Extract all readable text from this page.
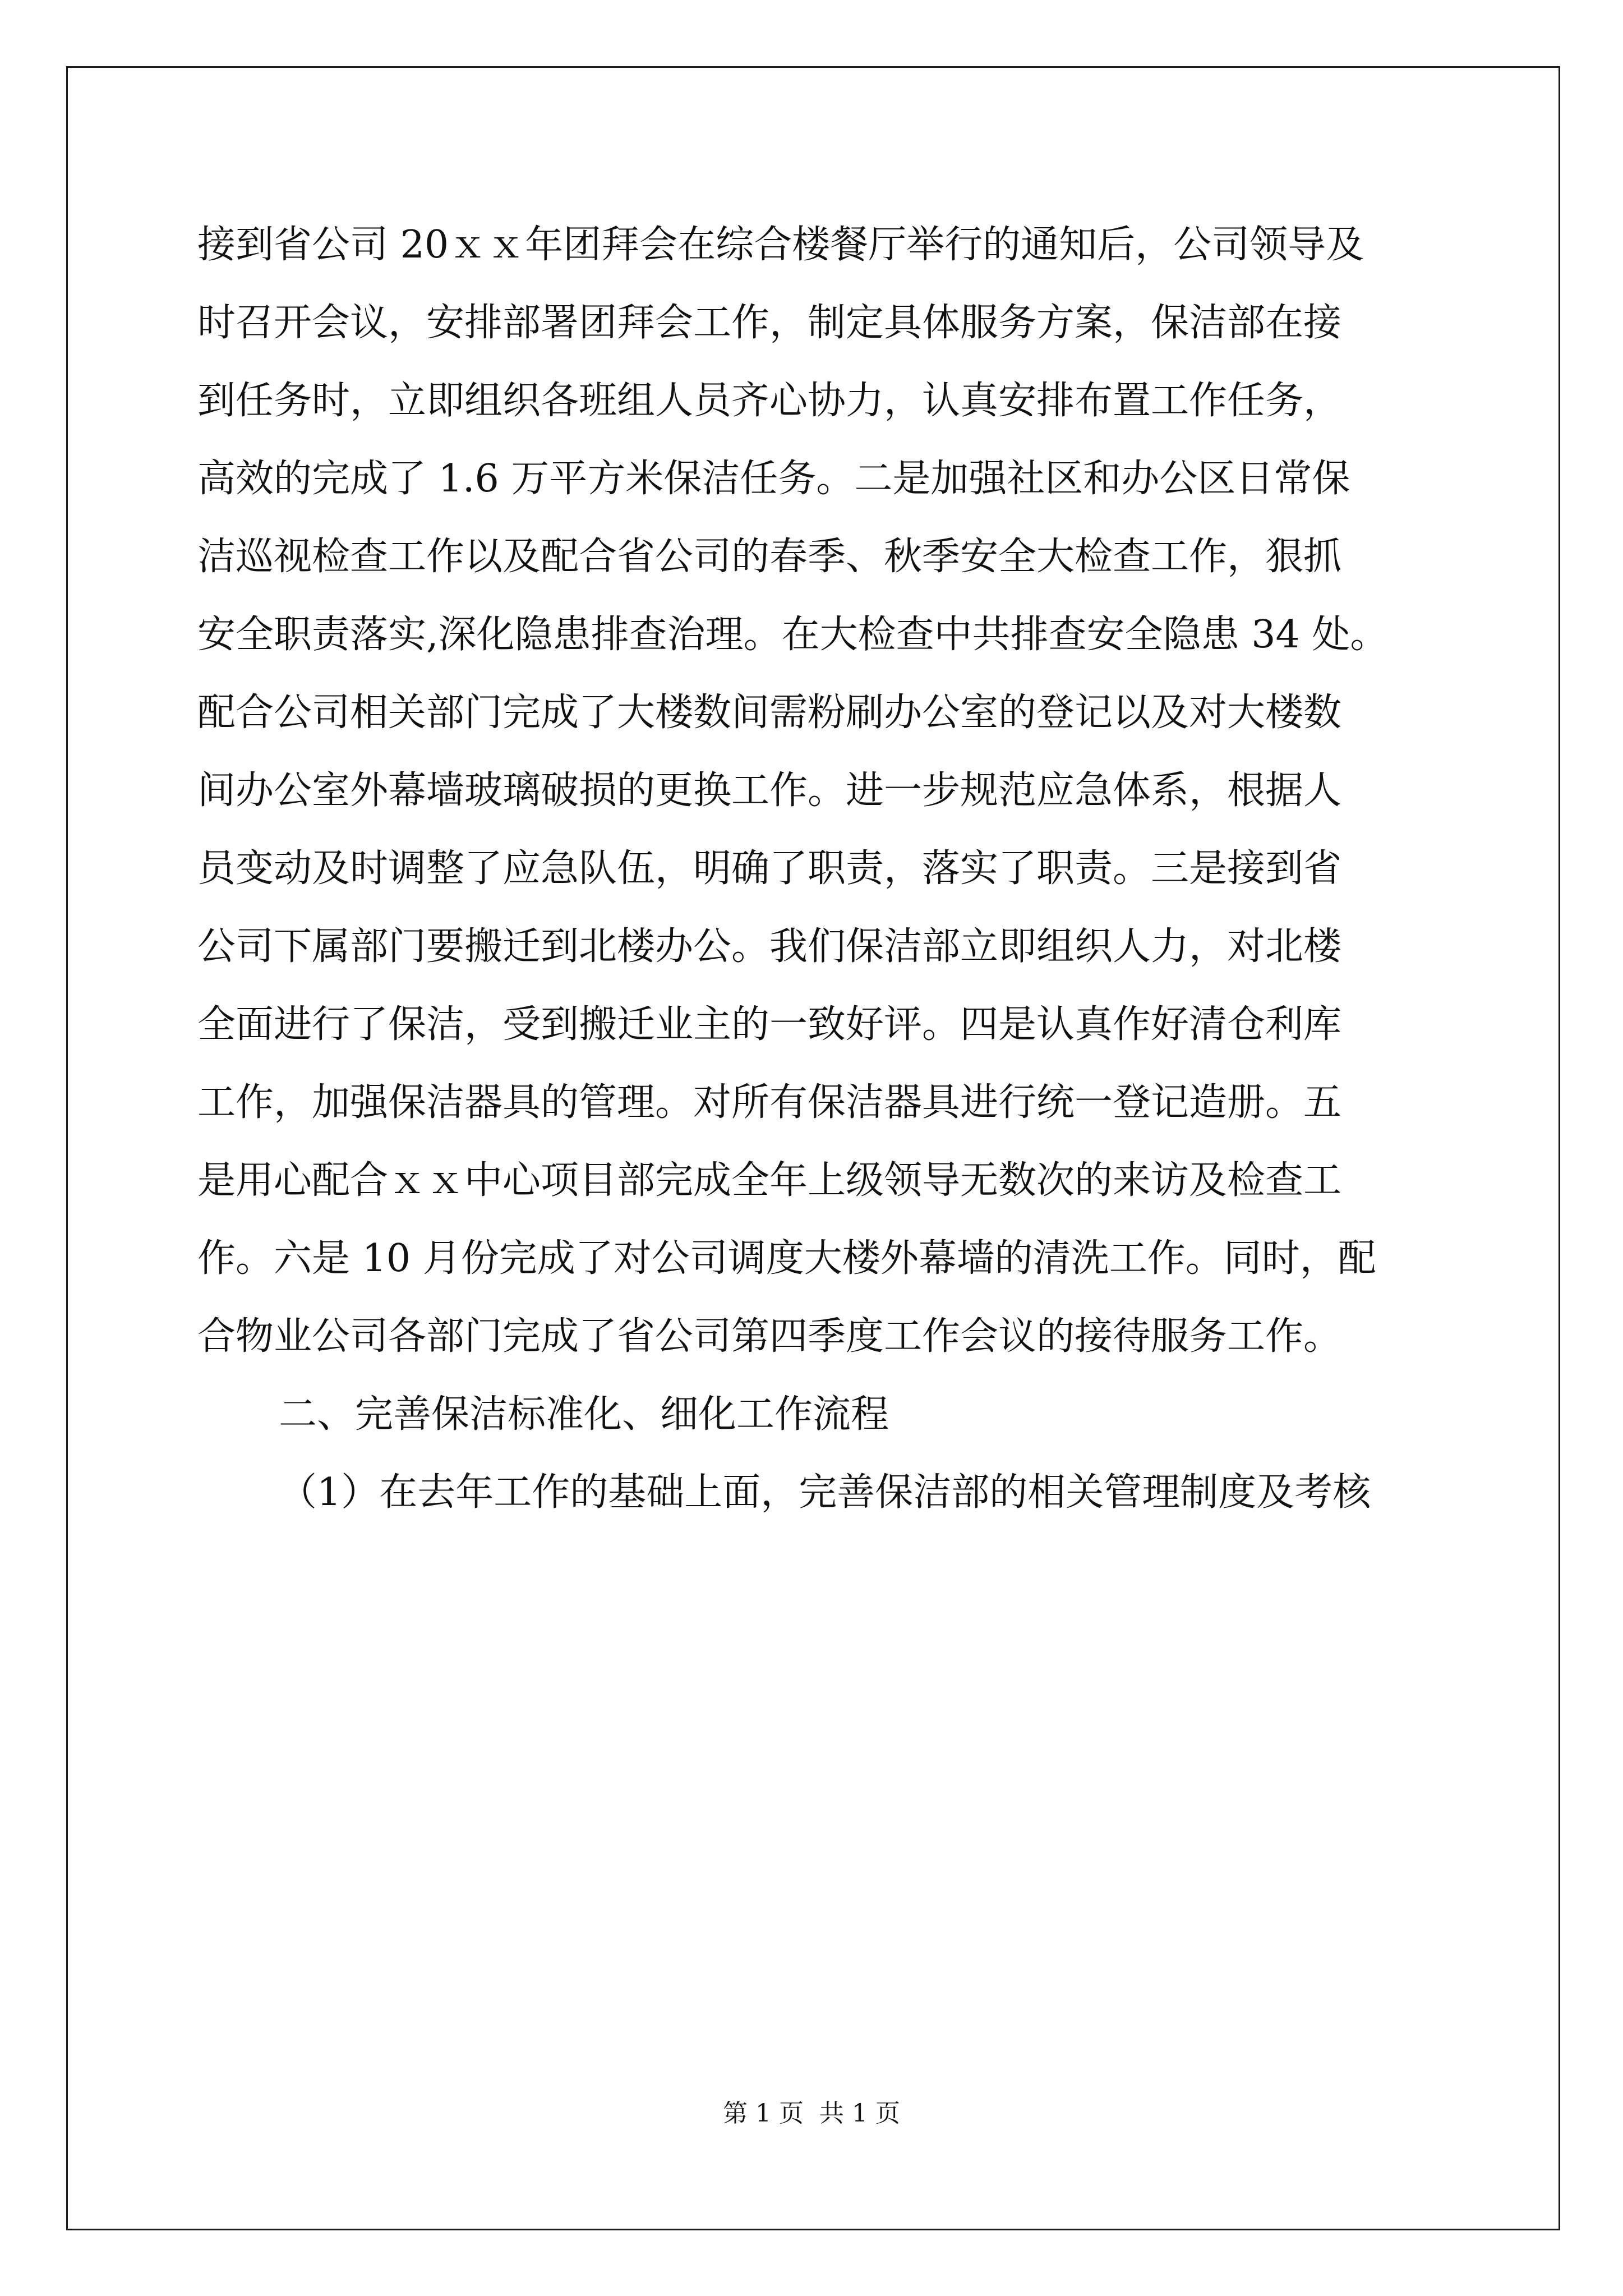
接到省公司 20ｘｘ年团拜会在综合楼餐厅举行的通知后，公司领导及
时召开会议，安排部署团拜会工作，制定具体服务方案，保洁部在接
到任务时，立即组织各班组人员齐心协力，认真安排布置工作任务，
高效的完成了 1.6 万平方米保洁任务。二是加强社区和办公区日常保
洁巡视检查工作以及配合省公司的春季、秋季安全大检查工作，狠抓
安全职责落实,深化隐患排查治理。在大检查中共排查安全隐患 34 处。
配合公司相关部门完成了大楼数间需粉刷办公室的登记以及对大楼数
间办公室外幕墙玻璃破损的更换工作。进一步规范应急体系，根据人
员变动及时调整了应急队伍，明确了职责，落实了职责。三是接到省
公司下属部门要搬迁到北楼办公。我们保洁部立即组织人力，对北楼
全面进行了保洁，受到搬迁业主的一致好评。四是认真作好清仓利库
工作，加强保洁器具的管理。对所有保洁器具进行统一登记造册。五
是用心配合ｘｘ中心项目部完成全年上级领导无数次的来访及检查工
作。六是 10 月份完成了对公司调度大楼外幕墙的清洗工作。同时，配
合物业公司各部门完成了省公司第四季度工作会议的接待服务工作。
二、完善保洁标准化、细化工作流程
（1）在去年工作的基础上面，完善保洁部的相关管理制度及考核
第 1 页  共 1 页
